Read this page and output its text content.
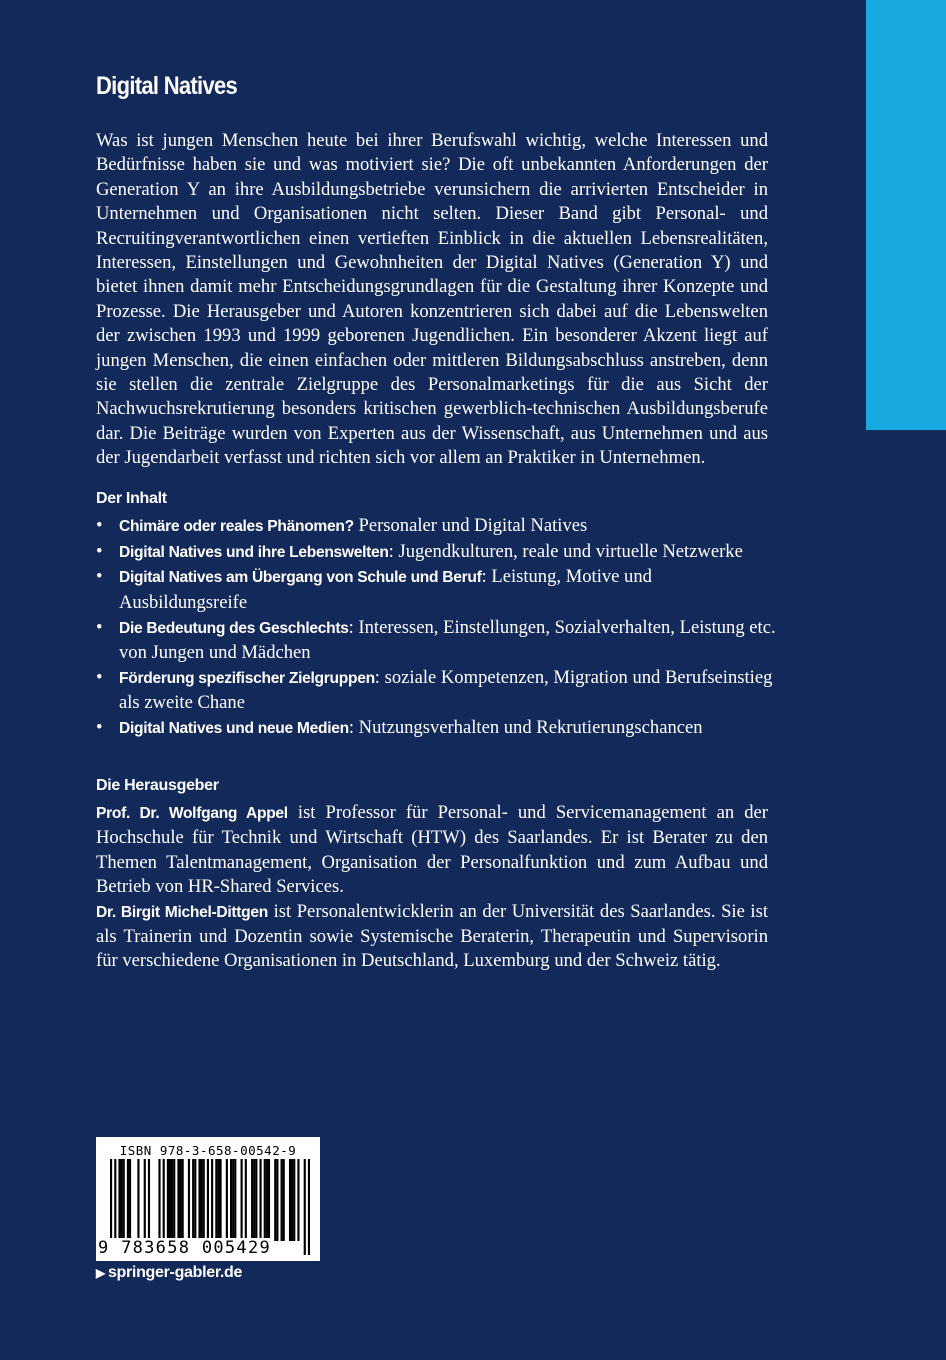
Digital Natives

Was ist jungen Menschen heute bei ihrer Berufswahl wichtig, welche Interessen und Bedürfnisse haben sie und was motiviert sie? Die oft unbekannten Anforderungen der Generation Y an ihre Ausbildungsbetriebe verunsichern die arrivierten Entscheider in Unternehmen und Organisationen nicht selten. Dieser Band gibt Personal- und Recruitingverantwortlichen einen vertieften Einblick in die aktuellen Lebensrealitäten, Interessen, Einstellungen und Gewohnheiten der Digital Natives (Generation Y) und bietet ihnen damit mehr Entscheidungsgrundlagen für die Gestaltung ihrer Konzepte und Prozesse. Die Herausgeber und Autoren konzentrieren sich dabei auf die Lebenswelten der zwischen 1993 und 1999 geborenen Jugendlichen. Ein besonderer Akzent liegt auf jungen Menschen, die einen einfachen oder mittleren Bildungsabschluss anstreben, denn sie stellen die zentrale Zielgruppe des Personalmarketings für die aus Sicht der Nachwuchsrekrutierung besonders kritischen gewerblich-technischen Ausbildungsberufe dar. Die Beiträge wurden von Experten aus der Wissenschaft, aus Unternehmen und aus der Jugendarbeit verfasst und richten sich vor allem an Praktiker in Unternehmen.

Der Inhalt
• Chimäre oder reales Phänomen? Personaler und Digital Natives
• Digital Natives und ihre Lebenswelten: Jugendkulturen, reale und virtuelle Netzwerke
• Digital Natives am Übergang von Schule und Beruf: Leistung, Motive und Ausbildungsreife
• Die Bedeutung des Geschlechts: Interessen, Einstellungen, Sozialverhalten, Leistung etc. von Jungen und Mädchen
• Förderung spezifischer Zielgruppen: soziale Kompetenzen, Migration und Berufseinstieg als zweite Chane
• Digital Natives und neue Medien: Nutzungsverhalten und Rekrutierungschancen
Die Herausgeber

Prof. Dr. Wolfgang Appel ist Professor für Personal- und Servicemanagement an der Hochschule für Technik und Wirtschaft (HTW) des Saarlandes. Er ist Berater zu den Themen Talentmanagement, Organisation der Personalfunktion und zum Aufbau und Betrieb von HR-Shared Services.

Dr. Birgit Michel-Dittgen ist Personalentwicklerin an der Universität des Saarlandes. Sie ist als Trainerin und Dozentin sowie Systemische Beraterin, Therapeutin und Supervisorin für verschiedene Organisationen in Deutschland, Luxemburg und der Schweiz tätig.

ISBN 978-3-658-00542-9
9 783658 005429
▶ springer-gabler.de
